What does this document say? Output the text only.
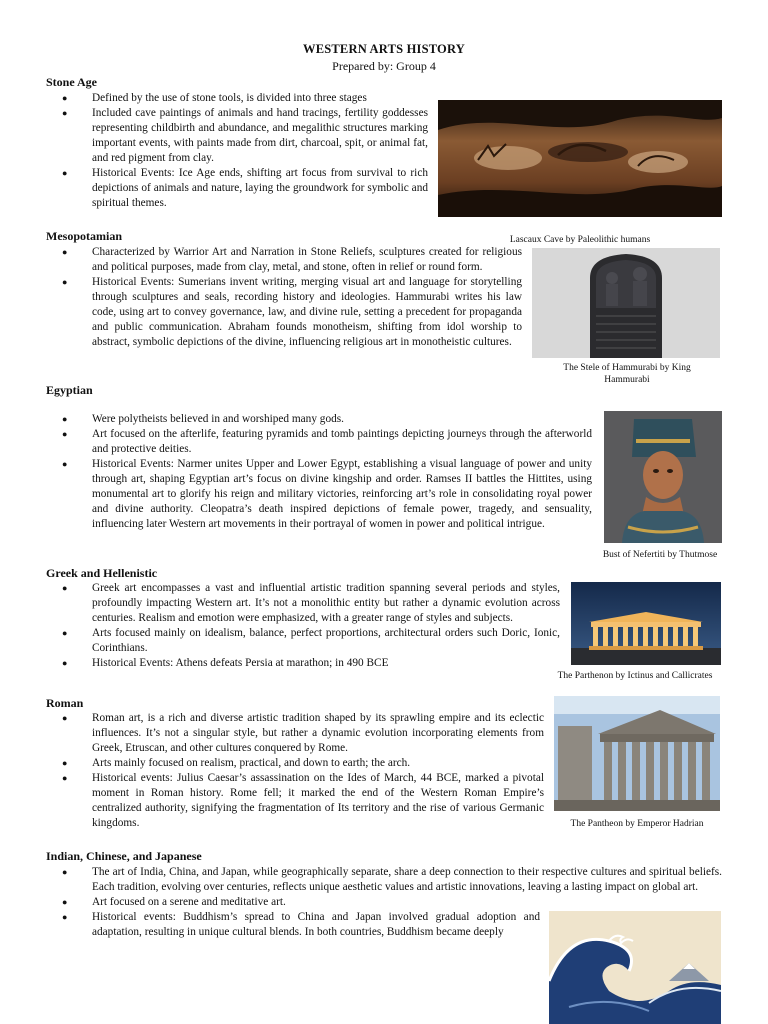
WESTERN ARTS HISTORY
Prepared by: Group 4
Stone Age
● Defined by the use of stone tools, is divided into three stages
● Included cave paintings of animals and hand tracings, fertility goddesses representing childbirth and abundance, and megalithic structures marking important events, with paints made from dirt, charcoal, spit, or animal fat, and red pigment from clay.
● Historical Events: Ice Age ends, shifting art focus from survival to rich depictions of animals and nature, laying the groundwork for symbolic and spiritual themes.
Lascaux Cave by Paleolithic humans
Mesopotamian
● Characterized by Warrior Art and Narration in Stone Reliefs, sculptures created for religious and political purposes, made from clay, metal, and stone, often in relief or round form.
● Historical Events: Sumerians invent writing, merging visual art and language for storytelling through sculptures and seals, recording history and ideologies. Hammurabi writes his law code, using art to convey governance, law, and divine rule, setting a precedent for propaganda and public communication. Abraham founds monotheism, shifting from idol worship to abstract, symbolic depictions of the divine, influencing religious art in monotheistic cultures.
The Stele of Hammurabi by King Hammurabi
Egyptian
● Were polytheists believed in and worshiped many gods.
● Art focused on the afterlife, featuring pyramids and tomb paintings depicting journeys through the afterworld and protective deities.
● Historical Events: Narmer unites Upper and Lower Egypt, establishing a visual language of power and unity through art, shaping Egyptian art’s focus on divine kingship and order. Ramses II battles the Hittites, using monumental art to glorify his reign and military victories, reinforcing art’s role in consolidating royal power and divine authority. Cleopatra’s death inspired depictions of female power, tragedy, and sensuality, influencing later Western art movements in their portrayal of women in power and political intrigue.
Bust of Nefertiti by Thutmose
Greek and Hellenistic
● Greek art encompasses a vast and influential artistic tradition spanning several periods and styles, profoundly impacting Western art. It’s not a monolithic entity but rather a dynamic evolution across centuries. Realism and emotion were emphasized, with a greater range of styles and subjects.
● Arts focused mainly on idealism, balance, perfect proportions, architectural orders such Doric, Ionic, Corinthians.
● Historical Events: Athens defeats Persia at marathon; in 490 BCE
The Parthenon by Ictinus and Callicrates
Roman
● Roman art, is a rich and diverse artistic tradition shaped by its sprawling empire and its eclectic influences. It’s not a singular style, but rather a dynamic evolution incorporating elements from Greek, Etruscan, and other cultures conquered by Rome.
● Arts mainly focused on realism, practical, and down to earth; the arch.
● Historical events: Julius Caesar’s assassination on the Ides of March, 44 BCE, marked a pivotal moment in Roman history. Rome fell; it marked the end of the Western Roman Empire’s centralized authority, signifying the fragmentation of Its territory and the rise of various Germanic kingdoms.	The Pantheon by Emperor Hadrian
Indian, Chinese, and Japanese
● The art of India, China, and Japan, while geographically separate, share a deep connection to their respective cultures and spiritual beliefs. Each tradition, evolving over centuries, reflects unique aesthetic values and artistic innovations, leaving a lasting impact on global art.
● Art focused on a serene and meditative art.
● Historical events: Buddhism’s spread to China and Japan involved gradual adoption and adaptation, resulting in unique cultural blends. In both countries, Buddhism became deeply
